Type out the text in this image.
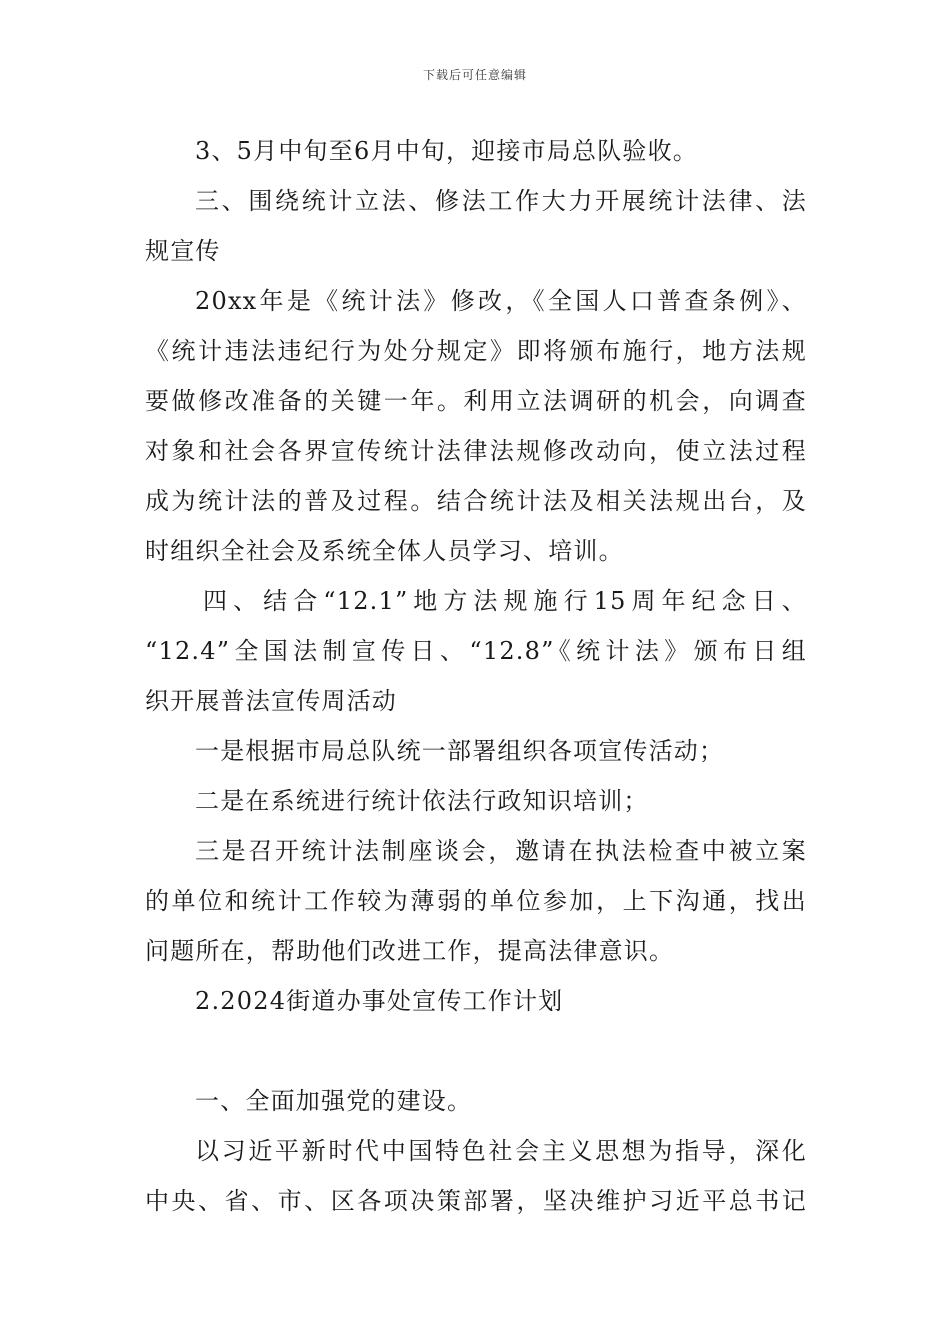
下载后可任意编辑
3、5月中旬至6月中旬，迎接市局总队验收。
三、围绕统计立法、修法工作大力开展统计法律、法
规宣传
20xx年是《统计法》修改，《全国人口普查条例》、
《统计违法违纪行为处分规定》即将颁布施行，地方法规
要做修改准备的关键一年。利用立法调研的机会，向调查
对象和社会各界宣传统计法律法规修改动向，使立法过程
成为统计法的普及过程。结合统计法及相关法规出台，及
时组织全社会及系统全体人员学习、培训。
四、结合“12.1”地方法规施行15周年纪念日、
“12.4”全国法制宣传日、“12.8”《统计法》颁布日组
织开展普法宣传周活动
一是根据市局总队统一部署组织各项宣传活动；
二是在系统进行统计依法行政知识培训；
三是召开统计法制座谈会，邀请在执法检查中被立案
的单位和统计工作较为薄弱的单位参加，上下沟通，找出
问题所在，帮助他们改进工作，提高法律意识。
2.2024街道办事处宣传工作计划
一、全面加强党的建设。
以习近平新时代中国特色社会主义思想为指导，深化
中央、省、市、区各项决策部署，坚决维护习近平总书记
